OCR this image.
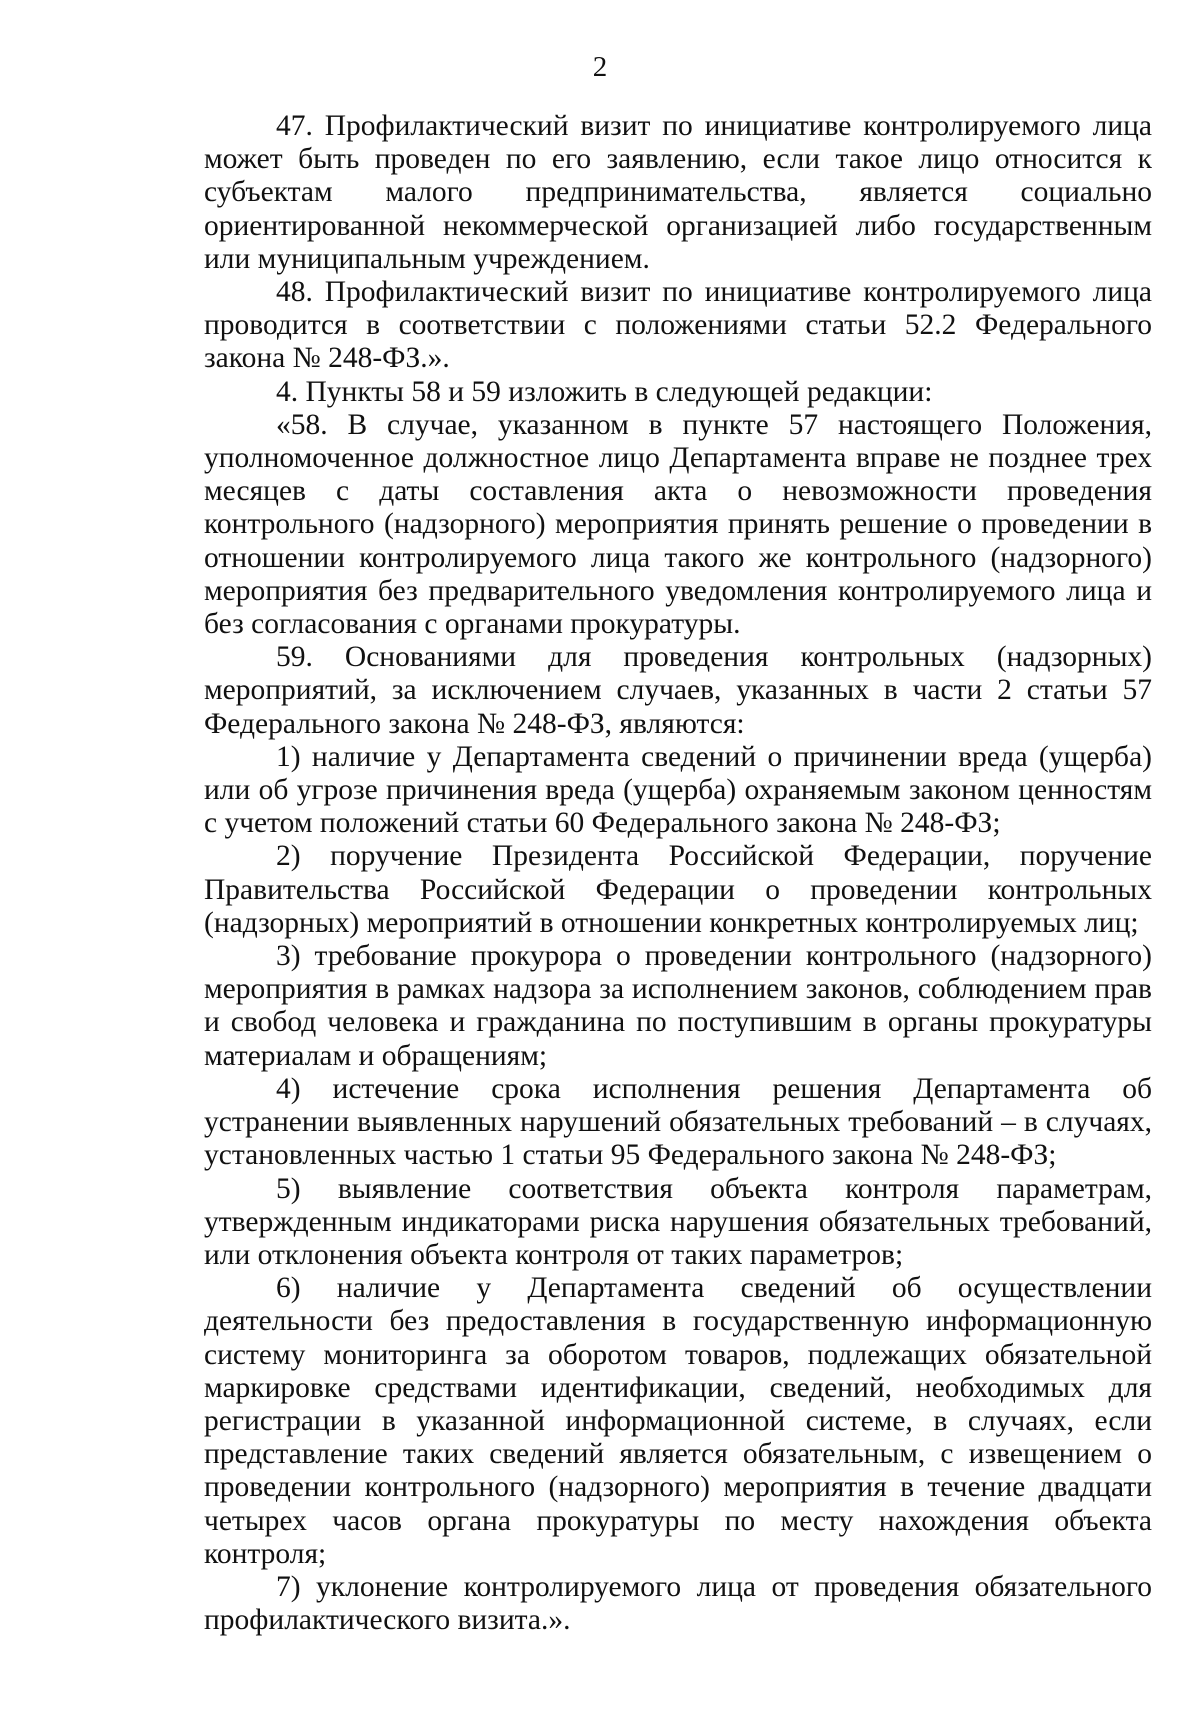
2

47. Профилактический визит по инициативе контролируемого лица может быть проведен по его заявлению, если такое лицо относится к субъектам малого предпринимательства, является социально ориентированной некоммерческой организацией либо государственным или муниципальным учреждением.

48. Профилактический визит по инициативе контролируемого лица проводится в соответствии с положениями статьи 52.2 Федерального закона № 248-ФЗ.».

4. Пункты 58 и 59 изложить в следующей редакции:

«58. В случае, указанном в пункте 57 настоящего Положения, уполномоченное должностное лицо Департамента вправе не позднее трех месяцев с даты составления акта о невозможности проведения контрольного (надзорного) мероприятия принять решение о проведении в отношении контролируемого лица такого же контрольного (надзорного) мероприятия без предварительного уведомления контролируемого лица и без согласования с органами прокуратуры.

59. Основаниями для проведения контрольных (надзорных) мероприятий, за исключением случаев, указанных в части 2 статьи 57 Федерального закона № 248-ФЗ, являются:

1) наличие у Департамента сведений о причинении вреда (ущерба) или об угрозе причинения вреда (ущерба) охраняемым законом ценностям с учетом положений статьи 60 Федерального закона № 248-ФЗ;

2) поручение Президента Российской Федерации, поручение Правительства Российской Федерации о проведении контрольных (надзорных) мероприятий в отношении конкретных контролируемых лиц;

3) требование прокурора о проведении контрольного (надзорного) мероприятия в рамках надзора за исполнением законов, соблюдением прав и свобод человека и гражданина по поступившим в органы прокуратуры материалам и обращениям;

4) истечение срока исполнения решения Департамента об устранении выявленных нарушений обязательных требований – в случаях, установленных частью 1 статьи 95 Федерального закона № 248-ФЗ;

5) выявление соответствия объекта контроля параметрам, утвержденным индикаторами риска нарушения обязательных требований, или отклонения объекта контроля от таких параметров;

6) наличие у Департамента сведений об осуществлении деятельности без предоставления в государственную информационную систему мониторинга за оборотом товаров, подлежащих обязательной маркировке средствами идентификации, сведений, необходимых для регистрации в указанной информационной системе, в случаях, если представление таких сведений является обязательным, с извещением о проведении контрольного (надзорного) мероприятия в течение двадцати четырех часов органа прокуратуры по месту нахождения объекта контроля;

7) уклонение контролируемого лица от проведения обязательного профилактического визита.».
